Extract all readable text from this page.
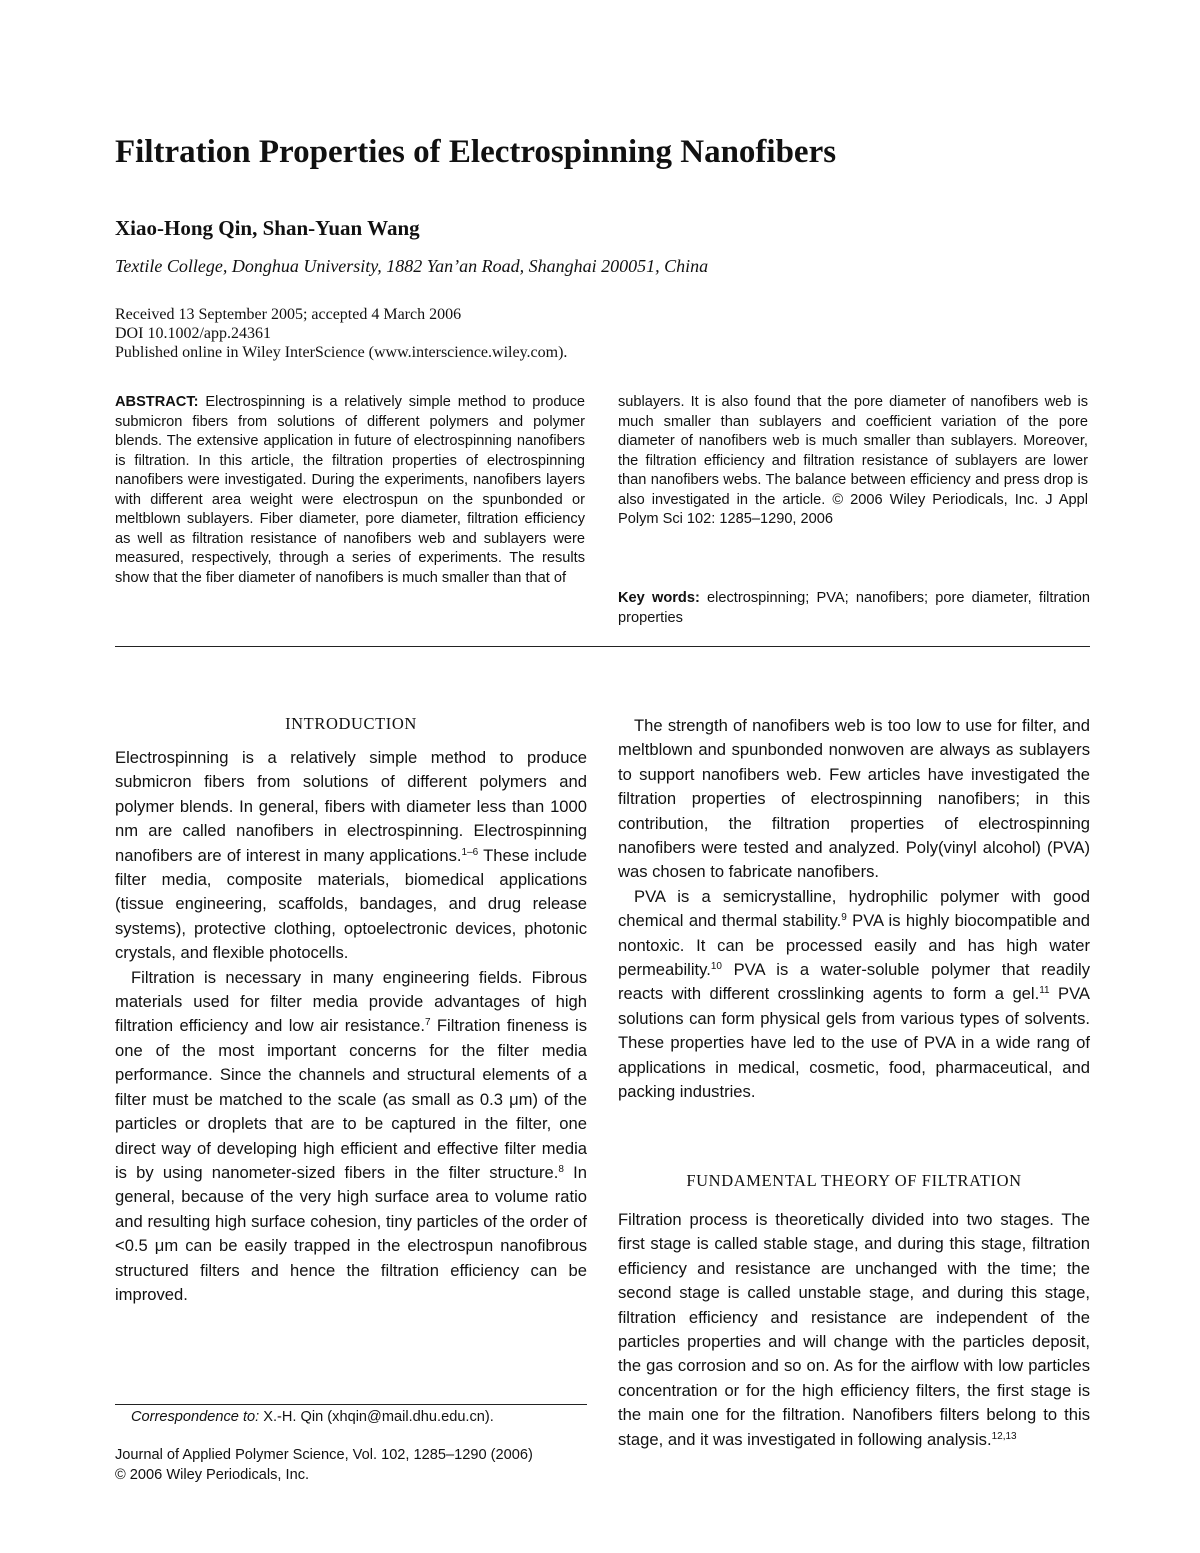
Filtration Properties of Electrospinning Nanofibers
Xiao-Hong Qin, Shan-Yuan Wang
Textile College, Donghua University, 1882 Yan’an Road, Shanghai 200051, China
Received 13 September 2005; accepted 4 March 2006
DOI 10.1002/app.24361
Published online in Wiley InterScience (www.interscience.wiley.com).

ABSTRACT: Electrospinning is a relatively simple method to produce submicron fibers from solutions of different polymers and polymer blends. The extensive application in future of electrospinning nanofibers is filtration. In this article, the filtration properties of electrospinning nanofibers were investigated. During the experiments, nanofibers layers with different area weight were electrospun on the spunbonded or meltblown sublayers. Fiber diameter, pore diameter, filtration efficiency as well as filtration resistance of nanofibers web and sublayers were measured, respectively, through a series of experiments. The results show that the fiber diameter of nanofibers is much smaller than that of

sublayers. It is also found that the pore diameter of nanofibers web is much smaller than sublayers and coefficient variation of the pore diameter of nanofibers web is much smaller than sublayers. Moreover, the filtration efficiency and filtration resistance of sublayers are lower than nanofibers webs. The balance between efficiency and press drop is also investigated in the article. © 2006 Wiley Periodicals, Inc. J Appl Polym Sci 102: 1285–1290, 2006

Key words: electrospinning; PVA; nanofibers; pore diameter, filtration properties
INTRODUCTION

Electrospinning is a relatively simple method to produce submicron fibers from solutions of different polymers and polymer blends. In general, fibers with diameter less than 1000 nm are called nanofibers in electrospinning. Electrospinning nanofibers are of interest in many applications.$^{1-6}$ These include filter media, composite materials, biomedical applications (tissue engineering, scaffolds, bandages, and drug release systems), protective clothing, optoelectronic devices, photonic crystals, and flexible photocells.

Filtration is necessary in many engineering fields. Fibrous materials used for filter media provide advantages of high filtration efficiency and low air resistance.$^7$ Filtration fineness is one of the most important concerns for the filter media performance. Since the channels and structural elements of a filter must be matched to the scale (as small as 0.3 μm) of the particles or droplets that are to be captured in the filter, one direct way of developing high efficient and effective filter media is by using nanometer-sized fibers in the filter structure.$^8$ In general, because of the very high surface area to volume ratio and resulting high surface cohesion, tiny particles of the order of <0.5 μm can be easily trapped in the electrospun nanofibrous structured filters and hence the filtration efficiency can be improved.

The strength of nanofibers web is too low to use for filter, and meltblown and spunbonded nonwoven are always as sublayers to support nanofibers web. Few articles have investigated the filtration properties of electrospinning nanofibers; in this contribution, the filtration properties of electrospinning nanofibers were tested and analyzed. Poly(vinyl alcohol) (PVA) was chosen to fabricate nanofibers.

PVA is a semicrystalline, hydrophilic polymer with good chemical and thermal stability.$^9$ PVA is highly biocompatible and nontoxic. It can be processed easily and has high water permeability.$^{10}$ PVA is a water-soluble polymer that readily reacts with different crosslinking agents to form a gel.$^{11}$ PVA solutions can form physical gels from various types of solvents. These properties have led to the use of PVA in a wide rang of applications in medical, cosmetic, food, pharmaceutical, and packing industries.

FUNDAMENTAL THEORY OF FILTRATION

Filtration process is theoretically divided into two stages. The first stage is called stable stage, and during this stage, filtration efficiency and resistance are unchanged with the time; the second stage is called unstable stage, and during this stage, filtration efficiency and resistance are independent of the particles properties and will change with the particles deposit, the gas corrosion and so on. As for the airflow with low particles concentration or for the high efficiency filters, the first stage is the main one for the filtration. Nanofibers filters belong to this stage, and it was investigated in following analysis.$^{12,13}$

Correspondence to: X.-H. Qin (xhqin@mail.dhu.edu.cn).
Journal of Applied Polymer Science, Vol. 102, 1285–1290 (2006)
© 2006 Wiley Periodicals, Inc.
